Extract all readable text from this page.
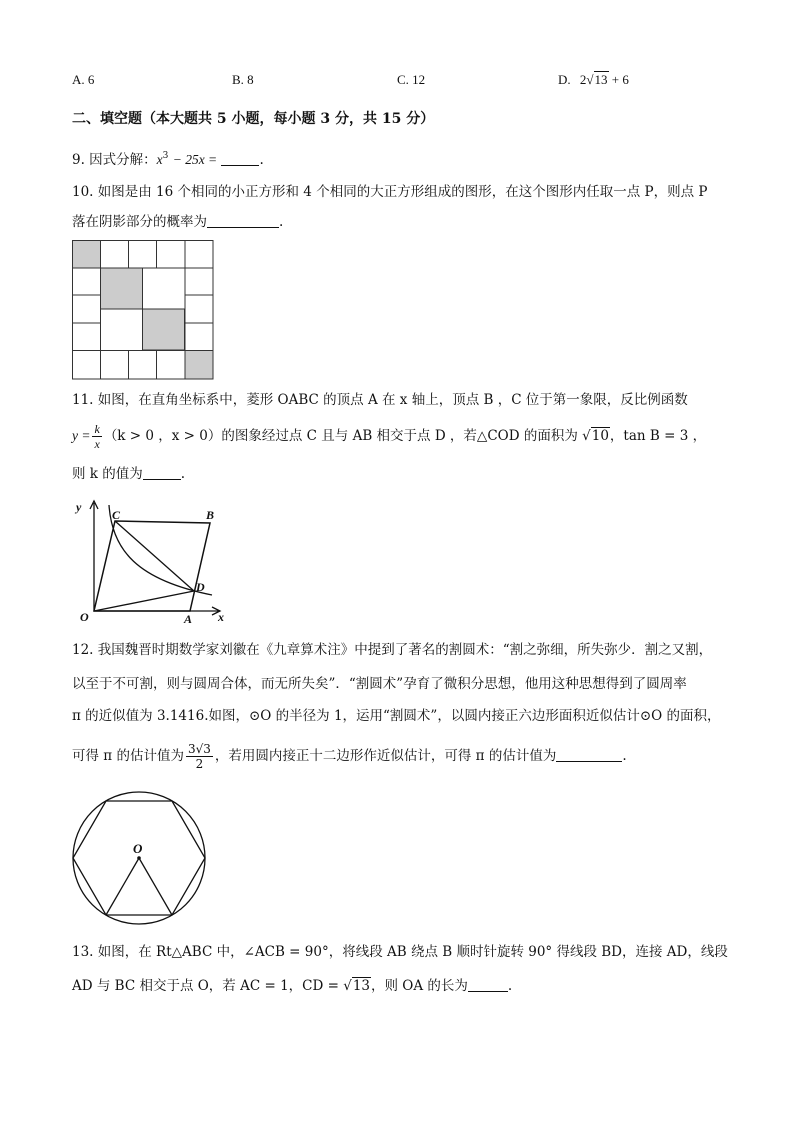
A. 6	B. 8	C. 12	D. 2√13 + 6
二、填空题（本大题共 5 小题，每小题 3 分，共 15 分）
9. 因式分解：$x^3 - 25x$ =	.
10. 如图是由 16 个相同的小正方形和 4 个相同的大正方形组成的图形，在这个图形内任取一点 P，则点 P
落在阴影部分的概率为	.
11. 如图，在直角坐标系中，菱形 OABC 的顶点 A 在 x 轴上，顶点 B ，C 位于第一象限，反比例函数
$y = \frac{k}{x} (k > 0$ ，x > 0）的图象经过点 C 且与 AB 相交于点 D ，若△COD 的面积为 √10，tan B = 3 ，
则 k 的值为	.
y
x
O	A
B
C
D
12. 我国魏晋时期数学家刘徽在《九章算术注》中提到了著名的割圆术：“割之弥细，所失弥少．割之又割，
以至于不可割，则与圆周合体，而无所失矣”．“割圆术”孕育了微积分思想，他用这种思想得到了圆周率
π 的近似值为 3.1416.如图，⊙O 的半径为 1，运用“割圆术”，以圆内接正六边形面积近似估计⊙O 的面积，
可得 π 的估计值为 $\frac{3√3}{2}$ ，若用圆内接正十二边形作近似估计，可得 π 的估计值为	.
O
13. 如图，在 Rt△ABC 中，∠ACB = 90°，将线段 AB 绕点 B 顺时针旋转 90° 得线段 BD，连接 AD，线段
AD 与 BC 相交于点 O，若 AC = 1，CD = √13，则 OA 的长为	.
